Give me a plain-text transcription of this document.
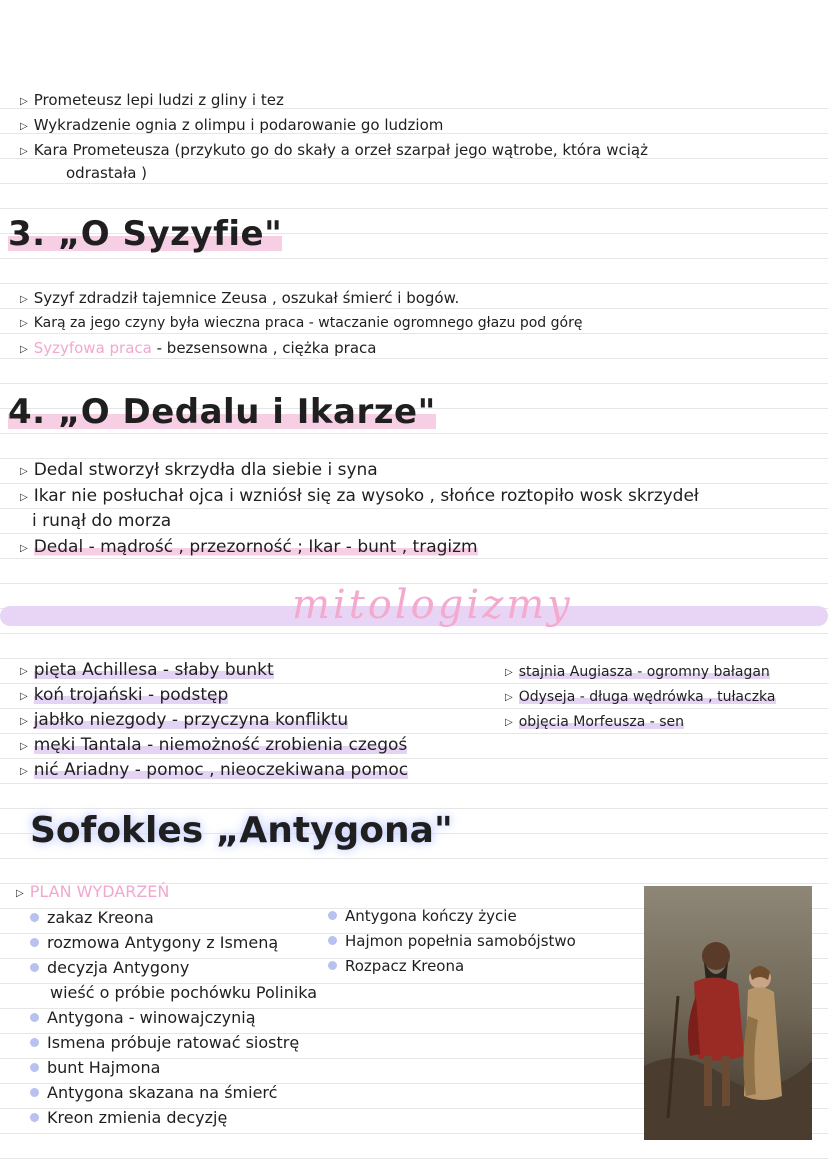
▷ Prometeusz lepi ludzi z gliny i tez
▷ Wykradzenie ognia z olimpu i podarowanie go ludziom
▷ Kara Prometeusza (przykuto go do skały a orzeł szarpał jego wątrobe, która wciąż
odrastała )
3. „O Syzyfie"
▷ Syzyf zdradził tajemnice Zeusa , oszukał śmierć i bogów.
▷ Karą za jego czyny była wieczna praca - wtaczanie ogromnego głazu pod górę
▷ Syzyfowa praca - bezsensowna , ciężka praca
4. „O Dedalu i Ikarze"
▷ Dedal stworzył skrzydła dla siebie i syna
▷ Ikar nie posłuchał ojca i wzniósł się za wysoko , słońce roztopiło wosk skrzydeł
i runął do morza
▷ Dedal - mądrość , przezorność ; Ikar - bunt , tragizm
mitologizmy
▷ pięta Achillesa - słaby bunkt
▷ koń trojański - podstęp
▷ jabłko niezgody - przyczyna konfliktu
▷ męki Tantala - niemożność zrobienia czegoś
▷ nić Ariadny - pomoc , nieoczekiwana pomoc
▷ stajnia Augiasza - ogromny bałagan
▷ Odyseja - długa wędrówka , tułaczka
▷ objęcia Morfeusza - sen
Sofokles „Antygona"
▷ PLAN WYDARZEŃ
zakaz Kreona
rozmowa Antygony z Ismeną
decyzja Antygony
wieść o próbie pochówku Polinika
Antygona - winowajczynią
Ismena próbuje ratować siostrę
bunt Hajmona
Antygona skazana na śmierć
Kreon zmienia decyzję
Antygona kończy życie
Hajmon popełnia samobójstwo
Rozpacz Kreona
